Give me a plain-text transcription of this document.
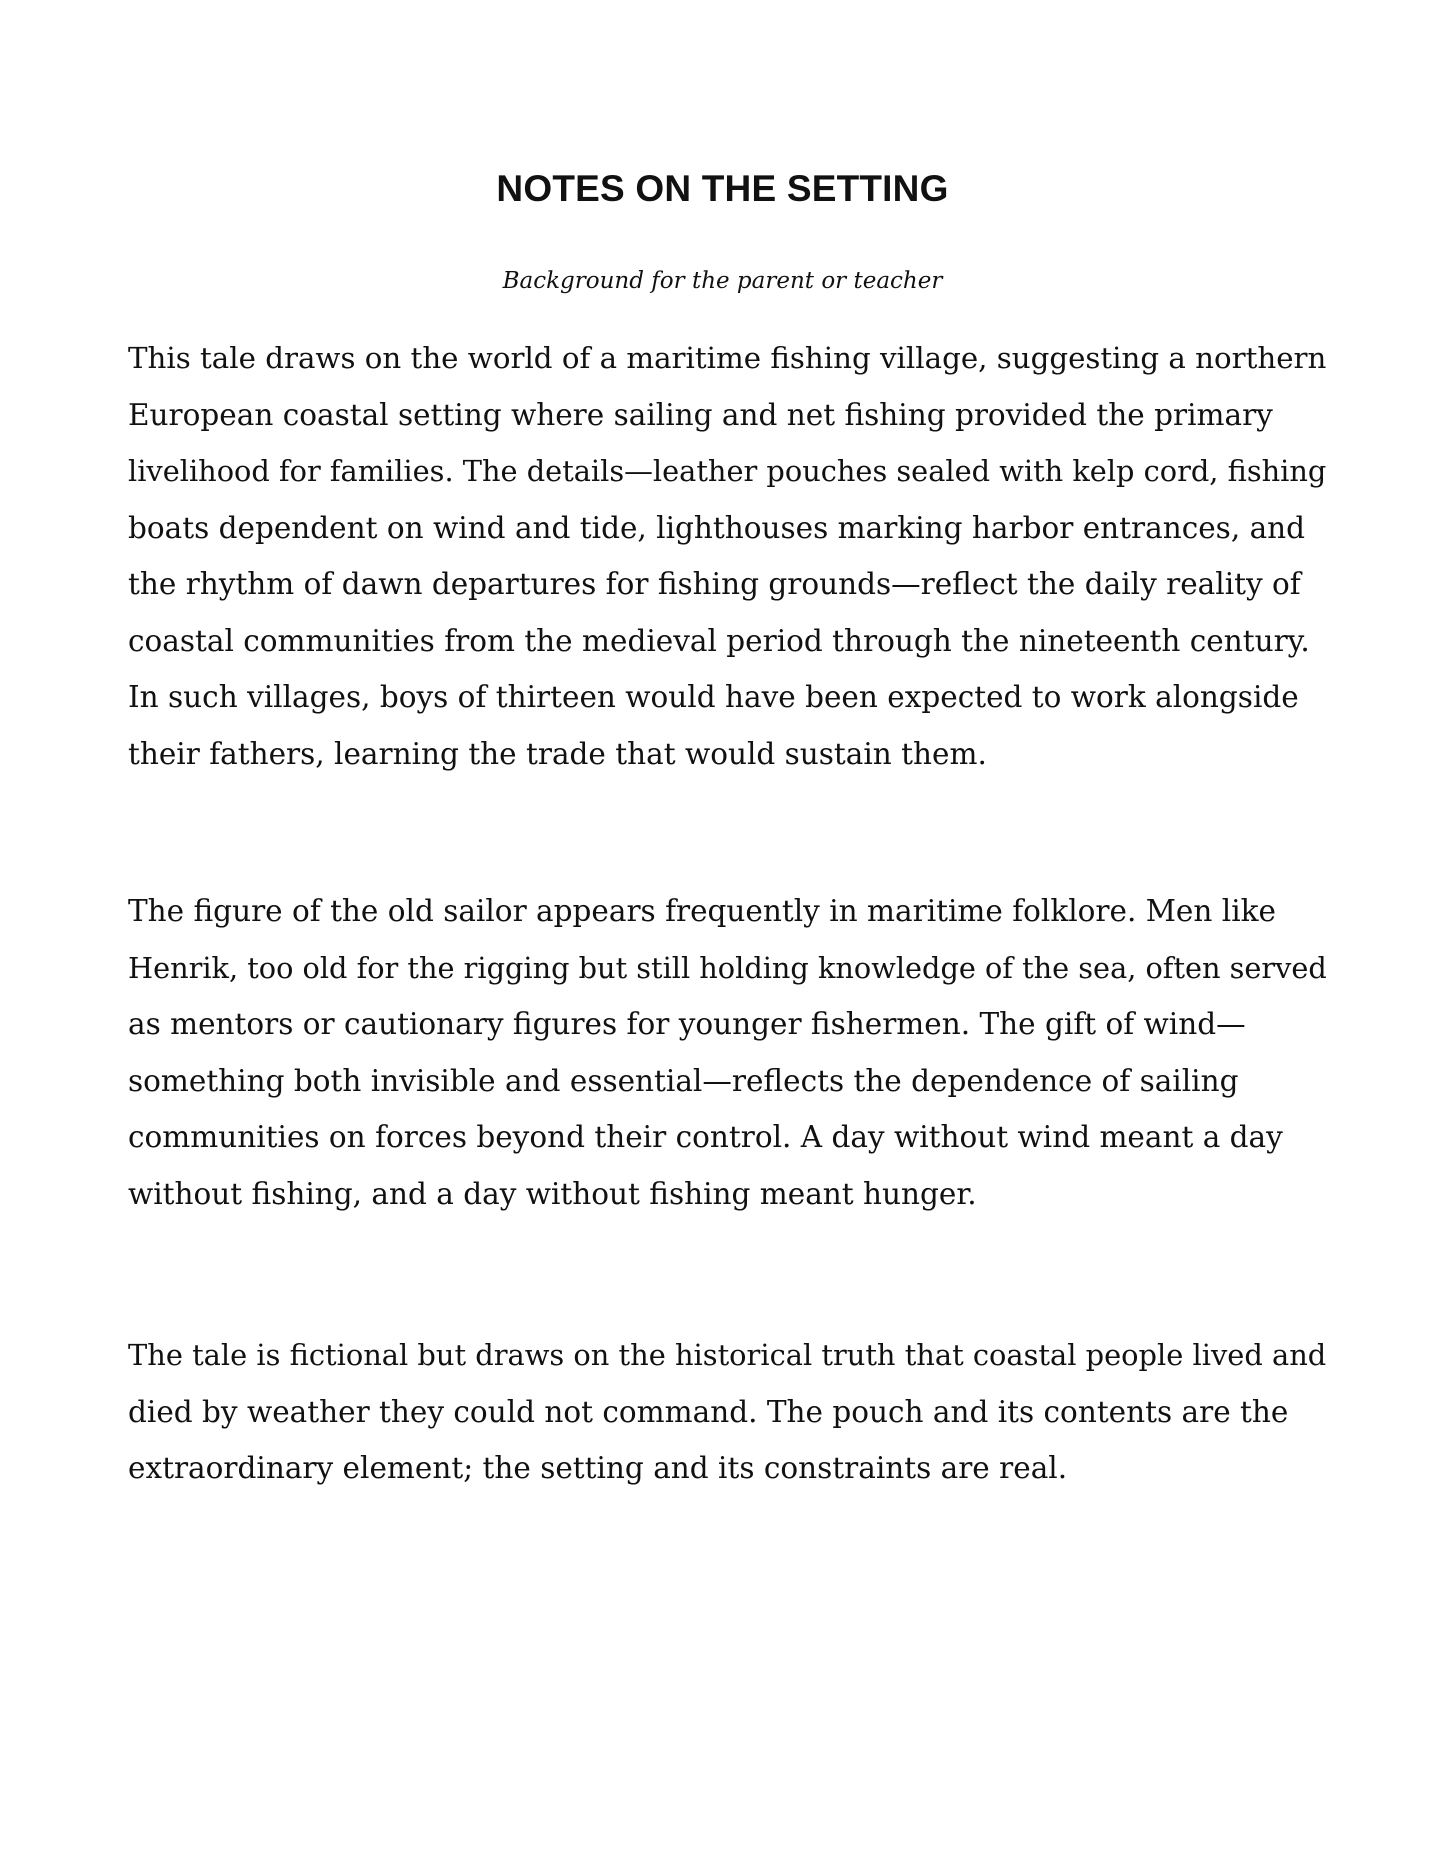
NOTES ON THE SETTING

Background for the parent or teacher

This tale draws on the world of a maritime fishing village, suggesting a northern
European coastal setting where sailing and net fishing provided the primary
livelihood for families. The details—leather pouches sealed with kelp cord, fishing
boats dependent on wind and tide, lighthouses marking harbor entrances, and
the rhythm of dawn departures for fishing grounds—reflect the daily reality of
coastal communities from the medieval period through the nineteenth century.
In such villages, boys of thirteen would have been expected to work alongside
their fathers, learning the trade that would sustain them.

The figure of the old sailor appears frequently in maritime folklore. Men like
Henrik, too old for the rigging but still holding knowledge of the sea, often served
as mentors or cautionary figures for younger fishermen. The gift of wind—
something both invisible and essential—reflects the dependence of sailing
communities on forces beyond their control. A day without wind meant a day
without fishing, and a day without fishing meant hunger.

The tale is fictional but draws on the historical truth that coastal people lived and
died by weather they could not command. The pouch and its contents are the
extraordinary element; the setting and its constraints are real.
